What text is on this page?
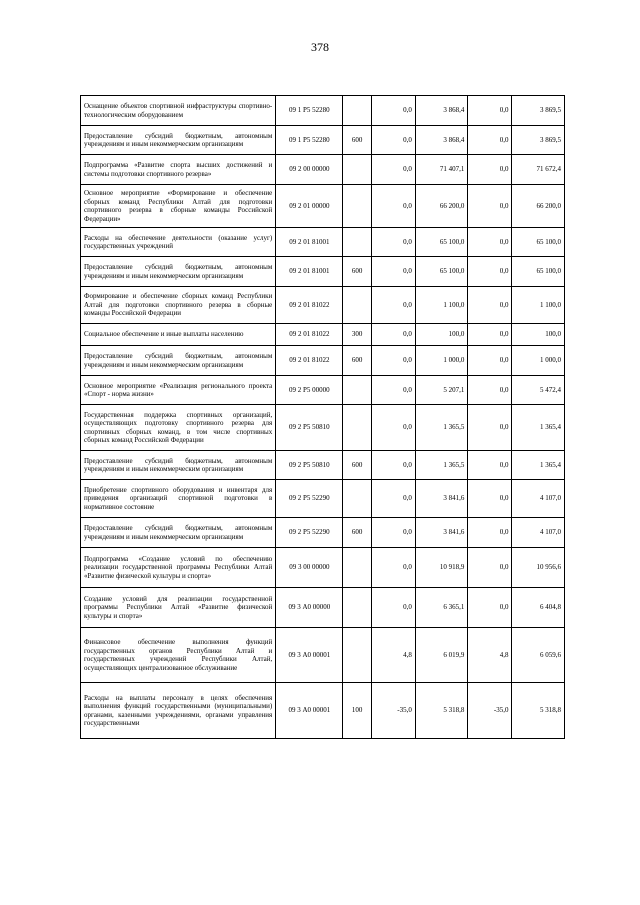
378
Оснащение объектов спортивной инфраструктуры спортивно-технологическим оборудованием	09 1 P5 52280		0,0	3 868,4	0,0	3 869,5
Предоставление субсидий бюджетным, автономным учреждениям и иным некоммерческим организациям	09 1 P5 52280	600	0,0	3 868,4	0,0	3 869,5
Подпрограмма «Развитие спорта высших достижений и системы подготовки спортивного резерва»	09 2 00 00000		0,0	71 407,1	0,0	71 672,4
Основное мероприятие «Формирование и обеспечение сборных команд Республики Алтай для подготовки спортивного резерва в сборные команды Российской Федерации»	09 2 01 00000		0,0	66 200,0	0,0	66 200,0
Расходы на обеспечение деятельности (оказание услуг) государственных учреждений	09 2 01 81001		0,0	65 100,0	0,0	65 100,0
Предоставление субсидий бюджетным, автономным учреждениям и иным некоммерческим организациям	09 2 01 81001	600	0,0	65 100,0	0,0	65 100,0
Формирование и обеспечение сборных команд Республики Алтай для подготовки спортивного резерва в сборные команды Российской Федерации	09 2 01 81022		0,0	1 100,0	0,0	1 100,0
Социальное обеспечение и иные выплаты населению	09 2 01 81022	300	0,0	100,0	0,0	100,0
Предоставление субсидий бюджетным, автономным учреждениям и иным некоммерческим организациям	09 2 01 81022	600	0,0	1 000,0	0,0	1 000,0
Основное мероприятие «Реализация регионального проекта «Спорт - норма жизни»	09 2 P5 00000		0,0	5 207,1	0,0	5 472,4
Государственная поддержка спортивных организаций, осуществляющих подготовку спортивного резерва для спортивных сборных команд, в том числе спортивных сборных команд Российской Федерации	09 2 P5 50810		0,0	1 365,5	0,0	1 365,4
Предоставление субсидий бюджетным, автономным учреждениям и иным некоммерческим организациям	09 2 P5 50810	600	0,0	1 365,5	0,0	1 365,4
Приобретение спортивного оборудования и инвентаря для приведения организаций спортивной подготовки в нормативное состояние	09 2 P5 52290		0,0	3 841,6	0,0	4 107,0
Предоставление субсидий бюджетным, автономным учреждениям и иным некоммерческим организациям	09 2 P5 52290	600	0,0	3 841,6	0,0	4 107,0
Подпрограмма «Создание условий по обеспечению реализации государственной программы Республики Алтай «Развитие физической культуры и спорта»	09 3 00 00000		0,0	10 918,9	0,0	10 956,6
Создание условий для реализации государственной программы Республики Алтай «Развитие физической культуры и спорта»	09 3 А0 00000		0,0	6 365,1	0,0	6 404,8
Финансовое обеспечение выполнения функций государственных органов Республики Алтай и государственных учреждений Республики Алтай, осуществляющих централизованное обслуживание	09 3 А0 00001		4,8	6 019,9	4,8	6 059,6
Расходы на выплаты персоналу в целях обеспечения выполнения функций государственными (муниципальными) органами, казенными учреждениями, органами управления государственными	09 3 А0 00001	100	-35,0	5 318,8	-35,0	5 318,8
